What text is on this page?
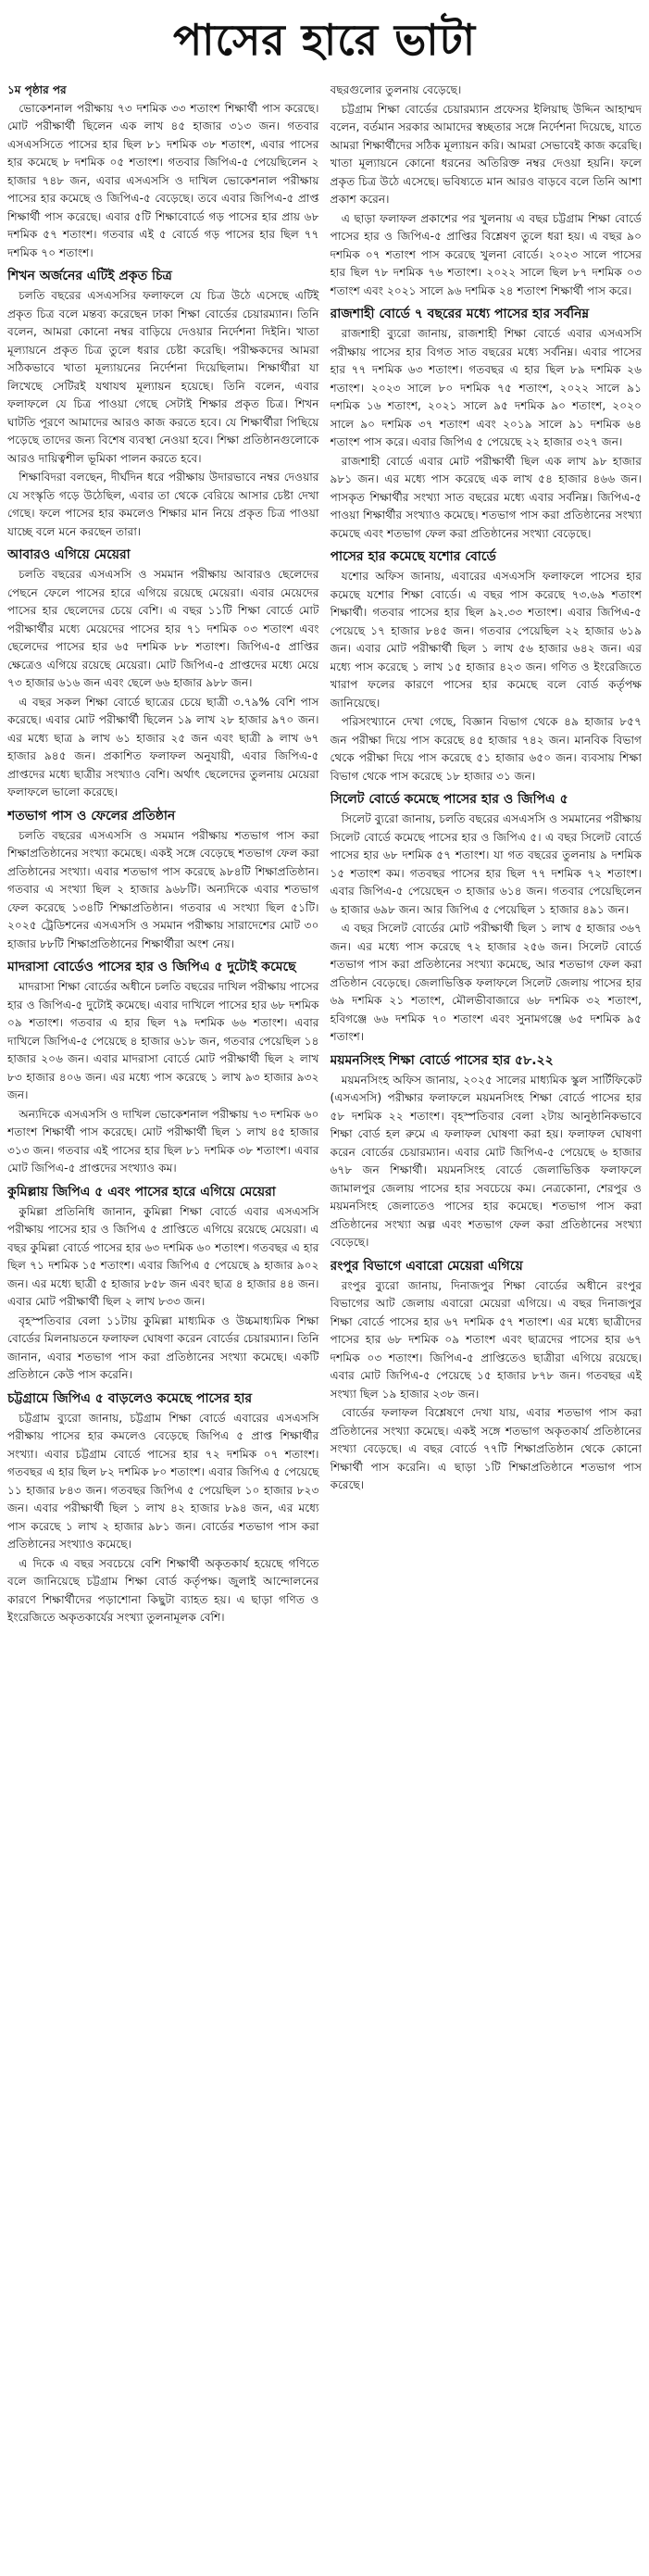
পাসের হারে ভাটা
১ম পৃষ্ঠার পর
ভোকেশনাল পরীক্ষায় ৭৩ দশমিক ৩৩ শতাংশ শিক্ষার্থী পাস করেছে। মোট পরীক্ষার্থী ছিলেন এক লাখ ৪৫ হাজার ৩১৩ জন। গতবার এসএসসিতে পাসের হার ছিল ৮১ দশমিক ৩৮ শতাংশ, এবার পাসের হার কমেছে ৮ দশমিক ০৫ শতাংশ। গতবার জিপিএ-৫ পেয়েছিলেন ২ হাজার ৭৪৮ জন, এবার এসএসসি ও দাখিল ভোকেশনাল পরীক্ষায় পাসের হার কমেছে ও জিপিএ-৫ বেড়েছে। তবে এবার জিপিএ-৫ প্রাপ্ত শিক্ষার্থী পাস করেছে। এবার ৫টি শিক্ষাবোর্ডে গড় পাসের হার প্রায় ৬৮ দশমিক ৫৭ শতাংশ। গতবার এই ৫ বোর্ডে গড় পাসের হার ছিল ৭৭ দশমিক ৭০ শতাংশ।
শিখন অর্জনের এটিই প্রকৃত চিত্র
চলতি বছরের এসএসসির ফলাফলে যে চিত্র উঠে এসেছে এটিই প্রকৃত চিত্র বলে মন্তব্য করেছেন ঢাকা শিক্ষা বোর্ডের চেয়ারম্যান। তিনি বলেন, আমরা কোনো নম্বর বাড়িয়ে দেওয়ার নির্দেশনা দিইনি। খাতা মূল্যায়নে প্রকৃত চিত্র তুলে ধরার চেষ্টা করেছি। পরীক্ষকদের আমরা সঠিকভাবে খাতা মূল্যায়নের নির্দেশনা দিয়েছিলাম। শিক্ষার্থীরা যা লিখেছে সেটিরই যথাযথ মূল্যায়ন হয়েছে। তিনি বলেন, এবার ফলাফলে যে চিত্র পাওয়া গেছে সেটাই শিক্ষার প্রকৃত চিত্র। শিখন ঘাটতি পূরণে আমাদের আরও কাজ করতে হবে। যে শিক্ষার্থীরা পিছিয়ে পড়েছে তাদের জন্য বিশেষ ব্যবস্থা নেওয়া হবে। শিক্ষা প্রতিষ্ঠানগুলোকে আরও দায়িত্বশীল ভূমিকা পালন করতে হবে।
শিক্ষাবিদরা বলছেন, দীর্ঘদিন ধরে পরীক্ষায় উদারভাবে নম্বর দেওয়ার যে সংস্কৃতি গড়ে উঠেছিল, এবার তা থেকে বেরিয়ে আসার চেষ্টা দেখা গেছে। ফলে পাসের হার কমলেও শিক্ষার মান নিয়ে প্রকৃত চিত্র পাওয়া যাচ্ছে বলে মনে করছেন তারা।
আবারও এগিয়ে মেয়েরা
চলতি বছরের এসএসসি ও সমমান পরীক্ষায় আবারও ছেলেদের পেছনে ফেলে পাসের হারে এগিয়ে রয়েছে মেয়েরা। এবার মেয়েদের পাসের হার ছেলেদের চেয়ে বেশি। এ বছর ১১টি শিক্ষা বোর্ডে মোট পরীক্ষার্থীর মধ্যে মেয়েদের পাসের হার ৭১ দশমিক ০৩ শতাংশ এবং ছেলেদের পাসের হার ৬৫ দশমিক ৮৮ শতাংশ। জিপিএ-৫ প্রাপ্তির ক্ষেত্রেও এগিয়ে রয়েছে মেয়েরা। মোট জিপিএ-৫ প্রাপ্তদের মধ্যে মেয়ে ৭৩ হাজার ৬১৬ জন এবং ছেলে ৬৬ হাজার ৯৮৮ জন।
এ বছর সকল শিক্ষা বোর্ডে ছাত্রের চেয়ে ছাত্রী ৩.৭৯% বেশি পাস করেছে। এবার মোট পরীক্ষার্থী ছিলেন ১৯ লাখ ২৮ হাজার ৯৭০ জন। এর মধ্যে ছাত্র ৯ লাখ ৬১ হাজার ২৫ জন এবং ছাত্রী ৯ লাখ ৬৭ হাজার ৯৪৫ জন। প্রকাশিত ফলাফল অনুযায়ী, এবার জিপিএ-৫ প্রাপ্তদের মধ্যে ছাত্রীর সংখ্যাও বেশি। অর্থাৎ ছেলেদের তুলনায় মেয়েরা ফলাফলে ভালো করেছে।
শতভাগ পাস ও ফেলের প্রতিষ্ঠান
চলতি বছরের এসএসসি ও সমমান পরীক্ষায় শতভাগ পাস করা শিক্ষাপ্রতিষ্ঠানের সংখ্যা কমেছে। একই সঙ্গে বেড়েছে শতভাগ ফেল করা প্রতিষ্ঠানের সংখ্যা। এবার শতভাগ পাস করেছে ৯৮৪টি শিক্ষাপ্রতিষ্ঠান। গতবার এ সংখ্যা ছিল ২ হাজার ৯৬৮টি। অন্যদিকে এবার শতভাগ ফেল করেছে ১৩৪টি শিক্ষাপ্রতিষ্ঠান। গতবার এ সংখ্যা ছিল ৫১টি। ২০২৫ ট্রেডিশনের এসএসসি ও সমমান পরীক্ষায় সারাদেশের মোট ৩০ হাজার ৮৮টি শিক্ষাপ্রতিষ্ঠানের শিক্ষার্থীরা অংশ নেয়।
মাদরাসা বোর্ডেও পাসের হার ও জিপিএ ৫ দুটোই কমেছে
মাদরাসা শিক্ষা বোর্ডের অধীনে চলতি বছরের দাখিল পরীক্ষায় পাসের হার ও জিপিএ-৫ দুটোই কমেছে। এবার দাখিলে পাসের হার ৬৮ দশমিক ০৯ শতাংশ। গতবার এ হার ছিল ৭৯ দশমিক ৬৬ শতাংশ। এবার দাখিলে জিপিএ-৫ পেয়েছে ৪ হাজার ৬১৮ জন, গতবার পেয়েছিল ১৪ হাজার ২০৬ জন। এবার মাদরাসা বোর্ডে মোট পরীক্ষার্থী ছিল ২ লাখ ৮৩ হাজার ৪০৬ জন। এর মধ্যে পাস করেছে ১ লাখ ৯৩ হাজার ৯৩২ জন।
অন্যদিকে এসএসসি ও দাখিল ভোকেশনাল পরীক্ষায় ৭৩ দশমিক ৬০ শতাংশ শিক্ষার্থী পাস করেছে। মোট পরীক্ষার্থী ছিল ১ লাখ ৪৫ হাজার ৩১৩ জন। গতবার এই পাসের হার ছিল ৮১ দশমিক ৩৮ শতাংশ। এবার মোট জিপিএ-৫ প্রাপ্তদের সংখ্যাও কম।
কুমিল্লায় জিপিএ ৫ এবং পাসের হারে এগিয়ে মেয়েরা
কুমিল্লা প্রতিনিধি জানান, কুমিল্লা শিক্ষা বোর্ডে এবার এসএসসি পরীক্ষায় পাসের হার ও জিপিএ ৫ প্রাপ্তিতে এগিয়ে রয়েছে মেয়েরা। এ বছর কুমিল্লা বোর্ডে পাসের হার ৬৩ দশমিক ৬০ শতাংশ। গতবছর এ হার ছিল ৭১ দশমিক ১৫ শতাংশ। এবার জিপিএ ৫ পেয়েছে ৯ হাজার ৯০২ জন। এর মধ্যে ছাত্রী ৫ হাজার ৮৫৮ জন এবং ছাত্র ৪ হাজার ৪৪ জন। এবার মোট পরীক্ষার্থী ছিল ২ লাখ ৮৩৩ জন।
বৃহস্পতিবার বেলা ১১টায় কুমিল্লা মাধ্যমিক ও উচ্চমাধ্যমিক শিক্ষা বোর্ডের মিলনায়তনে ফলাফল ঘোষণা করেন বোর্ডের চেয়ারম্যান। তিনি জানান, এবার শতভাগ পাস করা প্রতিষ্ঠানের সংখ্যা কমেছে। একটি প্রতিষ্ঠানে কেউ পাস করেনি।
চট্টগ্রামে জিপিএ ৫ বাড়লেও কমেছে পাসের হার
চট্টগ্রাম ব্যুরো জানায়, চট্টগ্রাম শিক্ষা বোর্ডে এবারের এসএসসি পরীক্ষায় পাসের হার কমলেও বেড়েছে জিপিএ ৫ প্রাপ্ত শিক্ষার্থীর সংখ্যা। এবার চট্টগ্রাম বোর্ডে পাসের হার ৭২ দশমিক ০৭ শতাংশ। গতবছর এ হার ছিল ৮২ দশমিক ৮০ শতাংশ। এবার জিপিএ ৫ পেয়েছে ১১ হাজার ৮৪৩ জন। গতবছর জিপিএ ৫ পেয়েছিল ১০ হাজার ৮২৩ জন। এবার পরীক্ষার্থী ছিল ১ লাখ ৪২ হাজার ৮৯৪ জন, এর মধ্যে পাস করেছে ১ লাখ ২ হাজার ৯৮১ জন। বোর্ডের শতভাগ পাস করা প্রতিষ্ঠানের সংখ্যাও কমেছে।
এ দিকে এ বছর সবচেয়ে বেশি শিক্ষার্থী অকৃতকার্য হয়েছে গণিতে বলে জানিয়েছে চট্টগ্রাম শিক্ষা বোর্ড কর্তৃপক্ষ। জুলাই আন্দোলনের কারণে শিক্ষার্থীদের পড়াশোনা কিছুটা ব্যাহত হয়। এ ছাড়া গণিত ও ইংরেজিতে অকৃতকার্যের সংখ্যা তুলনামূলক বেশি।
বছরগুলোর তুলনায় বেড়েছে।
চট্টগ্রাম শিক্ষা বোর্ডের চেয়ারম্যান প্রফেসর ইলিয়াছ উদ্দিন আহাম্মদ বলেন, বর্তমান সরকার আমাদের স্বচ্ছতার সঙ্গে নির্দেশনা দিয়েছে, যাতে আমরা শিক্ষার্থীদের সঠিক মূল্যায়ন করি। আমরা সেভাবেই কাজ করেছি। খাতা মূল্যায়নে কোনো ধরনের অতিরিক্ত নম্বর দেওয়া হয়নি। ফলে প্রকৃত চিত্র উঠে এসেছে। ভবিষ্যতে মান আরও বাড়বে বলে তিনি আশা প্রকাশ করেন।
এ ছাড়া ফলাফল প্রকাশের পর খুলনায় এ বছর চট্টগ্রাম শিক্ষা বোর্ডে পাসের হার ও জিপিএ-৫ প্রাপ্তির বিশ্লেষণ তুলে ধরা হয়। এ বছর ৯০ দশমিক ০৭ শতাংশ পাস করেছে খুলনা বোর্ডে। ২০২৩ সালে পাসের হার ছিল ৭৮ দশমিক ৭৬ শতাংশ। ২০২২ সালে ছিল ৮৭ দশমিক ০৩ শতাংশ এবং ২০২১ সালে ৯৬ দশমিক ২৪ শতাংশ শিক্ষার্থী পাস করে।
রাজশাহী বোর্ডে ৭ বছরের মধ্যে পাসের হার সর্বনিম্ন
রাজশাহী ব্যুরো জানায়, রাজশাহী শিক্ষা বোর্ডে এবার এসএসসি পরীক্ষায় পাসের হার বিগত সাত বছরের মধ্যে সর্বনিম্ন। এবার পাসের হার ৭৭ দশমিক ৬৩ শতাংশ। গতবছর এ হার ছিল ৮৯ দশমিক ২৬ শতাংশ। ২০২৩ সালে ৮০ দশমিক ৭৫ শতাংশ, ২০২২ সালে ৯১ দশমিক ১৬ শতাংশ, ২০২১ সালে ৯৫ দশমিক ৯০ শতাংশ, ২০২০ সালে ৯০ দশমিক ৩৭ শতাংশ এবং ২০১৯ সালে ৯১ দশমিক ৬৪ শতাংশ পাস করে। এবার জিপিএ ৫ পেয়েছে ২২ হাজার ৩২৭ জন।
রাজশাহী বোর্ডে এবার মোট পরীক্ষার্থী ছিল এক লাখ ৯৮ হাজার ৯৮১ জন। এর মধ্যে পাস করেছে এক লাখ ৫৪ হাজার ৪৬৬ জন। পাসকৃত শিক্ষার্থীর সংখ্যা সাত বছরের মধ্যে এবার সর্বনিম্ন। জিপিএ-৫ পাওয়া শিক্ষার্থীর সংখ্যাও কমেছে। শতভাগ পাস করা প্রতিষ্ঠানের সংখ্যা কমেছে এবং শতভাগ ফেল করা প্রতিষ্ঠানের সংখ্যা বেড়েছে।
পাসের হার কমেছে যশোর বোর্ডে
যশোর অফিস জানায়, এবারের এসএসসি ফলাফলে পাসের হার কমেছে যশোর শিক্ষা বোর্ডে। এ বছর পাস করেছে ৭৩.৬৯ শতাংশ শিক্ষার্থী। গতবার পাসের হার ছিল ৯২.৩৩ শতাংশ। এবার জিপিএ-৫ পেয়েছে ১৭ হাজার ৮৪৫ জন। গতবার পেয়েছিল ২২ হাজার ৬১৯ জন। এবার মোট পরীক্ষার্থী ছিল ১ লাখ ৫৬ হাজার ৬৪২ জন। এর মধ্যে পাস করেছে ১ লাখ ১৫ হাজার ৪২৩ জন। গণিত ও ইংরেজিতে খারাপ ফলের কারণে পাসের হার কমেছে বলে বোর্ড কর্তৃপক্ষ জানিয়েছে।
পরিসংখ্যানে দেখা গেছে, বিজ্ঞান বিভাগ থেকে ৪৯ হাজার ৮৫৭ জন পরীক্ষা দিয়ে পাস করেছে ৪৫ হাজার ৭৪২ জন। মানবিক বিভাগ থেকে পরীক্ষা দিয়ে পাস করেছে ৫১ হাজার ৬৫০ জন। ব্যবসায় শিক্ষা বিভাগ থেকে পাস করেছে ১৮ হাজার ৩১ জন।
সিলেট বোর্ডে কমেছে পাসের হার ও জিপিএ ৫
সিলেট ব্যুরো জানায়, চলতি বছরের এসএসসি ও সমমানের পরীক্ষায় সিলেট বোর্ডে কমেছে পাসের হার ও জিপিএ ৫। এ বছর সিলেট বোর্ডে পাসের হার ৬৮ দশমিক ৫৭ শতাংশ। যা গত বছরের তুলনায় ৯ দশমিক ১৫ শতাংশ কম। গতবছর পাসের হার ছিল ৭৭ দশমিক ৭২ শতাংশ। এবার জিপিএ-৫ পেয়েছেন ৩ হাজার ৬১৪ জন। গতবার পেয়েছিলেন ৬ হাজার ৬৯৮ জন। আর জিপিএ ৫ পেয়েছিল ১ হাজার ৪৯১ জন।
এ বছর সিলেট বোর্ডের মোট পরীক্ষার্থী ছিল ১ লাখ ৫ হাজার ৩৬৭ জন। এর মধ্যে পাস করেছে ৭২ হাজার ২৫৬ জন। সিলেট বোর্ডে শতভাগ পাস করা প্রতিষ্ঠানের সংখ্যা কমেছে, আর শতভাগ ফেল করা প্রতিষ্ঠান বেড়েছে। জেলাভিত্তিক ফলাফলে সিলেট জেলায় পাসের হার ৬৯ দশমিক ২১ শতাংশ, মৌলভীবাজারে ৬৮ দশমিক ৩২ শতাংশ, হবিগঞ্জে ৬৬ দশমিক ৭০ শতাংশ এবং সুনামগঞ্জে ৬৫ দশমিক ৯৫ শতাংশ।
ময়মনসিংহ শিক্ষা বোর্ডে পাসের হার ৫৮.২২
ময়মনসিংহ অফিস জানায়, ২০২৫ সালের মাধ্যমিক স্কুল সার্টিফিকেট (এসএসসি) পরীক্ষার ফলাফলে ময়মনসিংহ শিক্ষা বোর্ডে পাসের হার ৫৮ দশমিক ২২ শতাংশ। বৃহস্পতিবার বেলা ২টায় আনুষ্ঠানিকভাবে শিক্ষা বোর্ড হল রুমে এ ফলাফল ঘোষণা করা হয়। ফলাফল ঘোষণা করেন বোর্ডের চেয়ারম্যান। এবার মোট জিপিএ-৫ পেয়েছে ৬ হাজার ৬৭৮ জন শিক্ষার্থী। ময়মনসিংহ বোর্ডে জেলাভিত্তিক ফলাফলে জামালপুর জেলায় পাসের হার সবচেয়ে কম। নেত্রকোনা, শেরপুর ও ময়মনসিংহ জেলাতেও পাসের হার কমেছে। শতভাগ পাস করা প্রতিষ্ঠানের সংখ্যা অল্প এবং শতভাগ ফেল করা প্রতিষ্ঠানের সংখ্যা বেড়েছে।
রংপুর বিভাগে এবারো মেয়েরা এগিয়ে
রংপুর ব্যুরো জানায়, দিনাজপুর শিক্ষা বোর্ডের অধীনে রংপুর বিভাগের আট জেলায় এবারো মেয়েরা এগিয়ে। এ বছর দিনাজপুর শিক্ষা বোর্ডে পাসের হার ৬৭ দশমিক ৫৭ শতাংশ। এর মধ্যে ছাত্রীদের পাসের হার ৬৮ দশমিক ০৯ শতাংশ এবং ছাত্রদের পাসের হার ৬৭ দশমিক ০৩ শতাংশ। জিপিএ-৫ প্রাপ্তিতেও ছাত্রীরা এগিয়ে রয়েছে। এবার মোট জিপিএ-৫ পেয়েছে ১৫ হাজার ৮৭৮ জন। গতবছর এই সংখ্যা ছিল ১৯ হাজার ২৩৮ জন।
বোর্ডের ফলাফল বিশ্লেষণে দেখা যায়, এবার শতভাগ পাস করা প্রতিষ্ঠানের সংখ্যা কমেছে। একই সঙ্গে শতভাগ অকৃতকার্য প্রতিষ্ঠানের সংখ্যা বেড়েছে। এ বছর বোর্ডে ৭৭টি শিক্ষাপ্রতিষ্ঠান থেকে কোনো শিক্ষার্থী পাস করেনি। এ ছাড়া ১টি শিক্ষাপ্রতিষ্ঠানে শতভাগ পাস করেছে।
